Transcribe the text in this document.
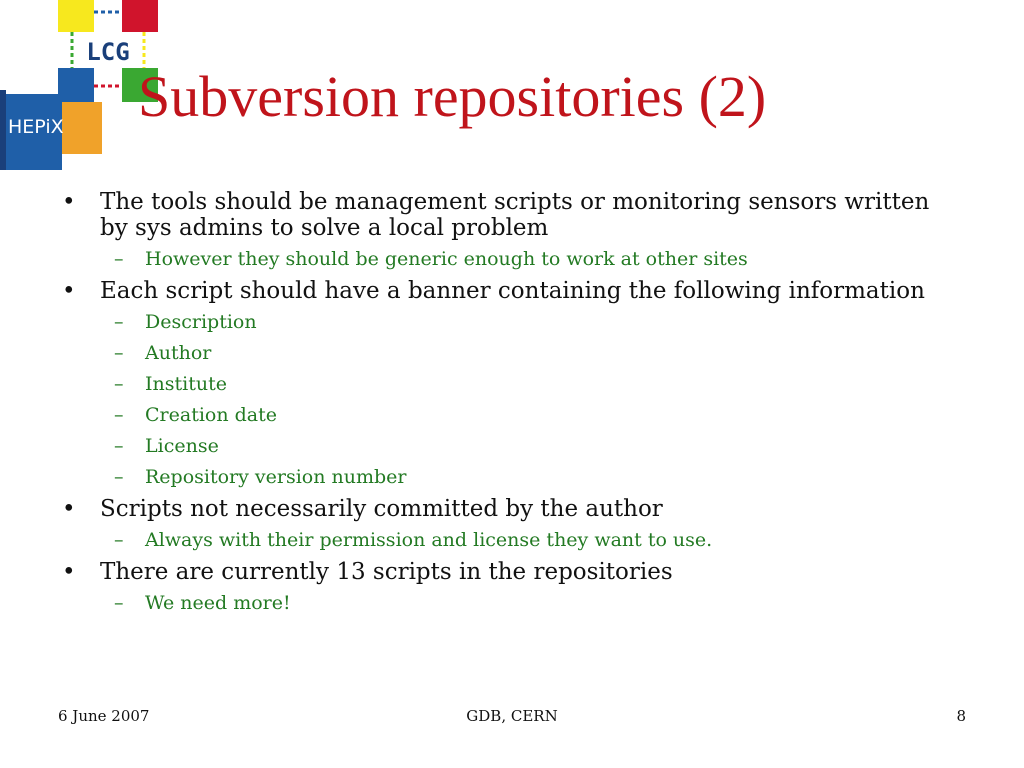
LCG
HEPiX Subversion repositories (2)
• The tools should be management scripts or monitoring sensors written by sys admins to solve a local problem
– However they should be generic enough to work at other sites
• Each script should have a banner containing the following information
– Description
– Author
– Institute
– Creation date
– License
– Repository version number
• Scripts not necessarily committed by the author
– Always with their permission and license they want to use.
• There are currently 13 scripts in the repositories
– We need more!
6 June 2007	GDB, CERN	8
